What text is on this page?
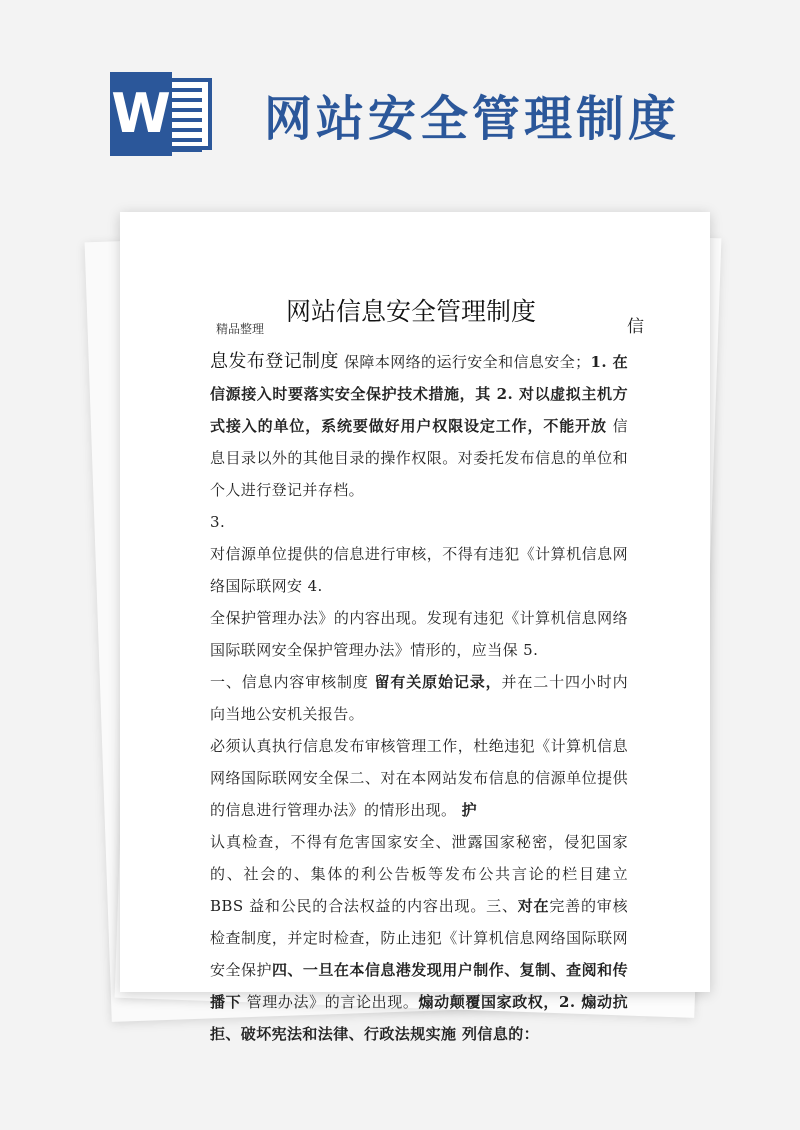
W 网站安全管理制度
精品整理
网站信息安全管理制度
信

息发布登记制度 保障本网络的运行安全和信息安全；1. 在信源接入时要落实安全保护技术措施，其 2. 对以虚拟主机方式接入的单位，系统要做好用户权限设定工作，不能开放 信息目录以外的其他目录的操作权限。对委托发布信息的单位和个人进行登记并存档。

3.

对信源单位提供的信息进行审核，不得有违犯《计算机信息网络国际联网安 4.

全保护管理办法》的内容出现。发现有违犯《计算机信息网络国际联网安全保护管理办法》情形的，应当保 5.

一、信息内容审核制度 留有关原始记录，并在二十四小时内向当地公安机关报告。

必须认真执行信息发布审核管理工作，杜绝违犯《计算机信息网络国际联网安全保二、对在本网站发布信息的信源单位提供的信息进行管理办法》的情形出现。 护

认真检查，不得有危害国家安全、泄露国家秘密，侵犯国家的、社会的、集体的利公告板等发布公共言论的栏目建立 BBS 益和公民的合法权益的内容出现。三、对在完善的审核检查制度，并定时检查，防止违犯《计算机信息网络国际联网安全保护四、一旦在本信息港发现用户制作、复制、查阅和传播下 管理办法》的言论出现。煽动颠覆国家政权，2. 煽动抗拒、破坏宪法和法律、行政法规实施 列信息的：
